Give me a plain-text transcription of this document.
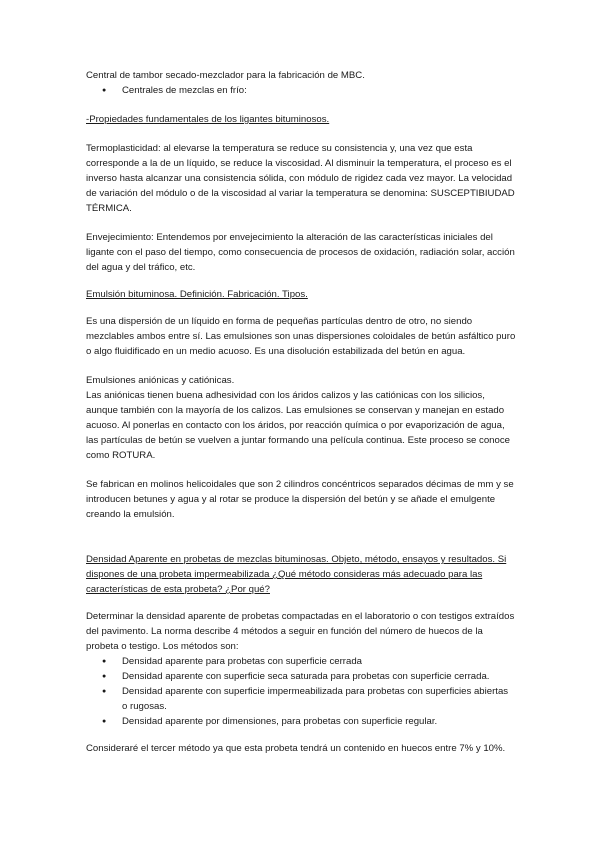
Central de tambor secado-mezclador para la fabricación de MBC.

● Centrales de mezclas en frío:

-Propiedades fundamentales de los ligantes bituminosos.

Termoplasticidad: al elevarse la temperatura se reduce su consistencia y, una vez que esta corresponde a la de un líquido, se reduce la viscosidad. Al disminuir la temperatura, el proceso es el inverso hasta alcanzar una consistencia sólida, con módulo de rigidez cada vez mayor. La velocidad de variación del módulo o de la viscosidad al variar la temperatura se denomina: SUSCEPTIBIUDAD TÉRMICA.

Envejecimiento: Entendemos por envejecimiento la alteración de las características iniciales del ligante con el paso del tiempo, como consecuencia de procesos de oxidación, radiación solar, acción del agua y del tráfico, etc.

Emulsión bituminosa. Definición. Fabricación. Tipos.

Es una dispersión de un líquido en forma de pequeñas partículas dentro de otro, no siendo mezclables ambos entre sí. Las emulsiones son unas dispersiones coloidales de betún asfáltico puro o algo fluidificado en un medio acuoso. Es una disolución estabilizada del betún en agua.

Emulsiones aniónicas y catiónicas.

Las aniónicas tienen buena adhesividad con los áridos calizos y las catiónicas con los silicios, aunque también con la mayoría de los calizos. Las emulsiones se conservan y manejan en estado acuoso. Al ponerlas en contacto con los áridos, por reacción química o por evaporización de agua, las partículas de betún se vuelven a juntar formando una película continua. Este proceso se conoce como ROTURA.

Se fabrican en molinos helicoidales que son 2 cilindros concéntricos separados décimas de mm y se introducen betunes y agua y al rotar se produce la dispersión del betún y se añade el emulgente creando la emulsión.

Densidad Aparente en probetas de mezclas bituminosas. Objeto, método, ensayos y resultados. Si dispones de una probeta impermeabilizada ¿Qué método consideras más adecuado para las características de esta probeta? ¿Por qué?

Determinar la densidad aparente de probetas compactadas en el laboratorio o con testigos extraídos del pavimento. La norma describe 4 métodos a seguir en función del número de huecos de la probeta o testigo. Los métodos son:

● Densidad aparente para probetas con superficie cerrada
● Densidad aparente con superficie seca saturada para probetas con superficie cerrada.
● Densidad aparente con superficie impermeabilizada para probetas con superficies abiertas o rugosas.
● Densidad aparente por dimensiones, para probetas con superficie regular.

Consideraré el tercer método ya que esta probeta tendrá un contenido en huecos entre 7% y 10%.
